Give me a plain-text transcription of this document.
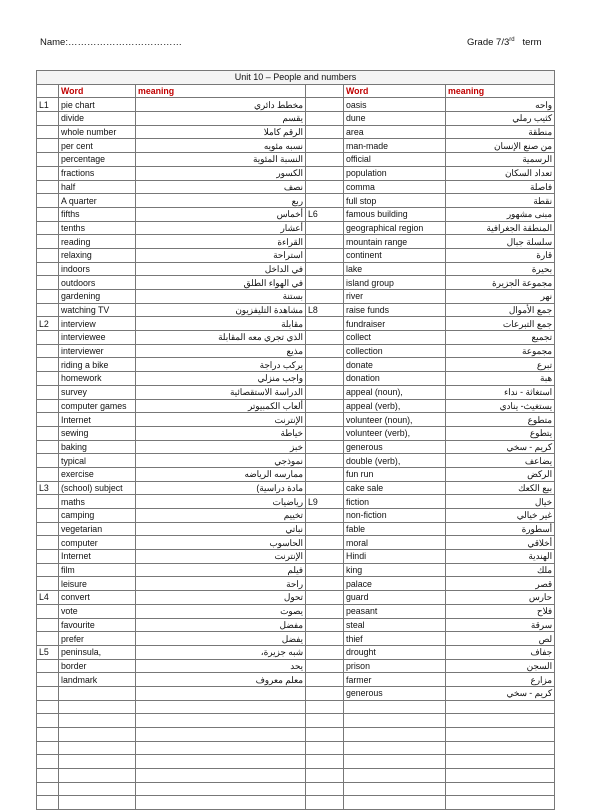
Name:………………………………	Grade 7/3rd term
Unit 10 – People and numbers					
	Word	meaning		Word	meaning
L1	pie chart	مخطط دائري		oasis	واحه
	divide	يقسم		dune	كثيب رملي
	whole number	الرقم كاملا		area	منطقة
	per cent	نسبه مئويه		man-made	من صنع الإنسان
	percentage	النسبة المئوية		official	الرسمية
	fractions	الكسور		population	تعداد السكان
	half	نصف		comma	فاصلة
	A quarter	ربع		full stop	نقطة
	fifths	أخماس	L6	famous building	مبنى مشهور
	tenths	أعشار		geographical region	المنطقة الجغرافية
	reading	القراءة		mountain range	سلسلة جبال
	relaxing	استراحة		continent	قارة
	indoors	في الداخل		lake	بحيرة
	outdoors	في الهواء الطلق		island group	مجموعة الجزيرة
	gardening	بستنة		river	نهر
	watching TV	مشاهدة التليفزيون	L8	raise funds	جمع الأموال
L2	interview	مقابلة		fundraiser	جمع التبرعات
	interviewee	الذي تجري معه المقابلة		collect	تجميع
	interviewer	مذيع		collection	مجموعة
	riding a bike	يركب دراجة		donate	تبرع
	homework	واجب منزلي		donation	هبة
	survey	الدراسة الاستقصائية		appeal (noun),	استغاثة - نداء
	computer games	ألعاب الكمبيوتر		appeal (verb),	يستغيث- ينادي
	Internet	الإنترنت		volunteer (noun),	متطوع
	sewing	خياطة		volunteer (verb),	يتطوع
	baking	خبز		generous	كريم - سخي
	typical	نموذجي		double (verb),	يضاعف
	exercise	ممارسه الرياضه		fun run	الركض
L3	(school) subject	مادة دراسية)		cake sale	بيع الكعك
	maths	رياضيات	L9	fiction	خيال
	camping	تخييم		non-fiction	غير خيالي
	vegetarian	نباتي		fable	أسطورة
	computer	الحاسوب		moral	أخلاقي
	Internet	الإنترنت		Hindi	الهندية
	film	فيلم		king	ملك
	leisure	راحة		palace	قصر
L4	convert	تحول		guard	حارس
	vote	يصوت		peasant	فلاح
	favourite	مفضل		steal	سرقة
	prefer	يفضل		thief	لص
L5	peninsula,	شبه جزيرة،		drought	جفاف
	border	يحد		prison	السجن
	landmark	معلم معروف		farmer	مزارع
				generous	كريم - سخي
